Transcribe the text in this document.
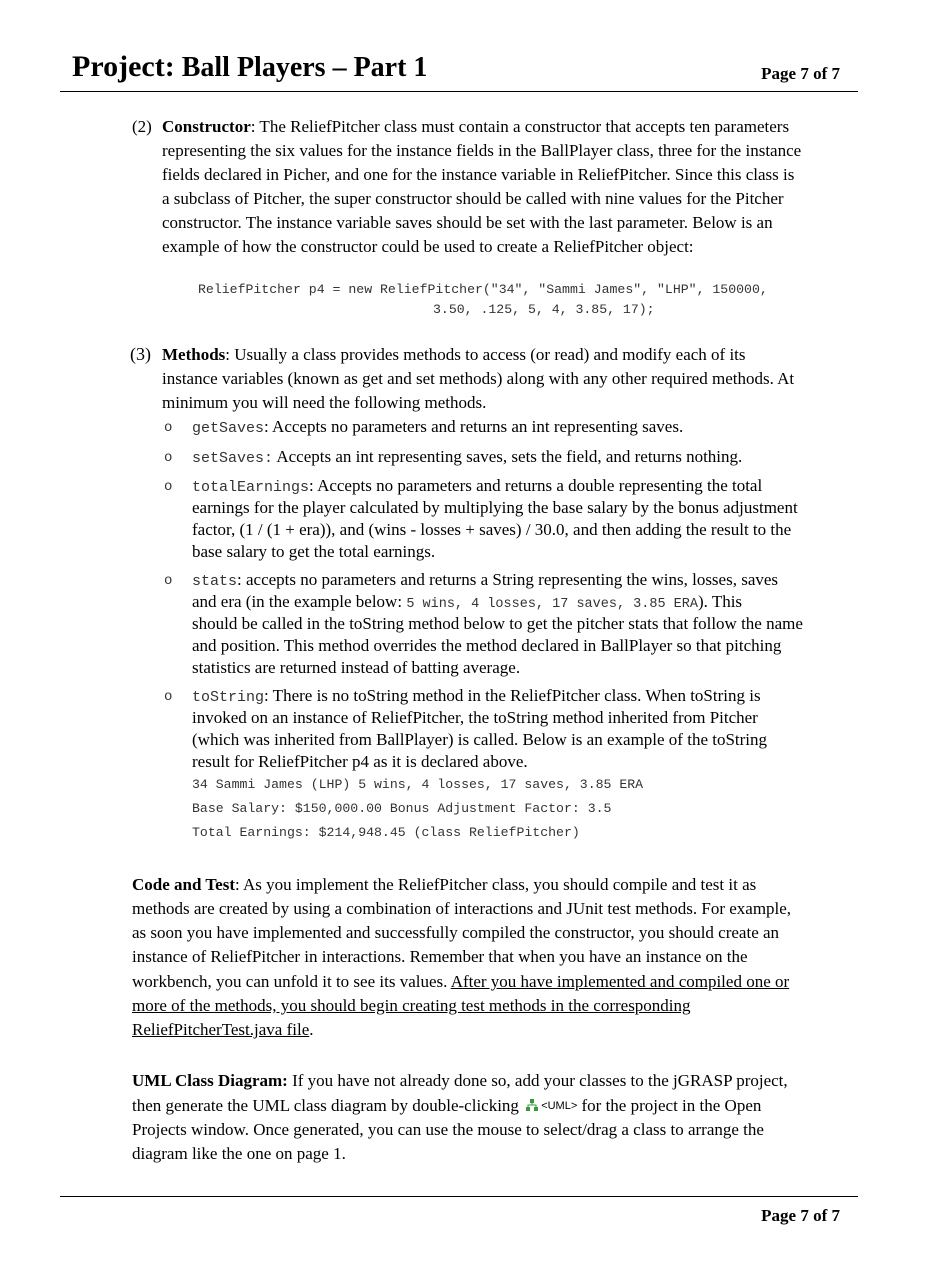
Project: Ball Players – Part 1	Page 7 of 7
(2) Constructor: The ReliefPitcher class must contain a constructor that accepts ten parameters
representing the six values for the instance fields in the BallPlayer class, three for the instance
fields declared in Picher, and one for the instance variable in ReliefPitcher. Since this class is
a subclass of Pitcher, the super constructor should be called with nine values for the Pitcher
constructor. The instance variable saves should be set with the last parameter. Below is an
example of how the constructor could be used to create a ReliefPitcher object:
ReliefPitcher p4 = new ReliefPitcher("34", "Sammi James", "LHP", 150000,
3.50, .125, 5, 4, 3.85, 17);
(3) Methods: Usually a class provides methods to access (or read) and modify each of its
instance variables (known as get and set methods) along with any other required methods. At
minimum you will need the following methods.
o getSaves: Accepts no parameters and returns an int representing saves.
o setSaves: Accepts an int representing saves, sets the field, and returns nothing.
o totalEarnings: Accepts no parameters and returns a double representing the total
earnings for the player calculated by multiplying the base salary by the bonus adjustment
factor, (1 / (1 + era)), and (wins - losses + saves) / 30.0, and then adding the result to the
base salary to get the total earnings.
o stats: accepts no parameters and returns a String representing the wins, losses, saves
and era (in the example below: 5 wins, 4 losses, 17 saves, 3.85 ERA). This
should be called in the toString method below to get the pitcher stats that follow the name
and position. This method overrides the method declared in BallPlayer so that pitching
statistics are returned instead of batting average.
o toString: There is no toString method in the ReliefPitcher class. When toString is
invoked on an instance of ReliefPitcher, the toString method inherited from Pitcher
(which was inherited from BallPlayer) is called. Below is an example of the toString
result for ReliefPitcher p4 as it is declared above.
34 Sammi James (LHP) 5 wins, 4 losses, 17 saves, 3.85 ERA
Base Salary: $150,000.00 Bonus Adjustment Factor: 3.5
Total Earnings: $214,948.45 (class ReliefPitcher)
Code and Test: As you implement the ReliefPitcher class, you should compile and test it as
methods are created by using a combination of interactions and JUnit test methods. For example,
as soon you have implemented and successfully compiled the constructor, you should create an
instance of ReliefPitcher in interactions. Remember that when you have an instance on the
workbench, you can unfold it to see its values. After you have implemented and compiled one or
more of the methods, you should begin creating test methods in the corresponding
ReliefPitcherTest.java file.
UML Class Diagram: If you have not already done so, add your classes to the jGRASP project,
then generate the UML class diagram by double-clicking <UML> for the project in the Open
Projects window. Once generated, you can use the mouse to select/drag a class to arrange the
diagram like the one on page 1.
Page 7 of 7
